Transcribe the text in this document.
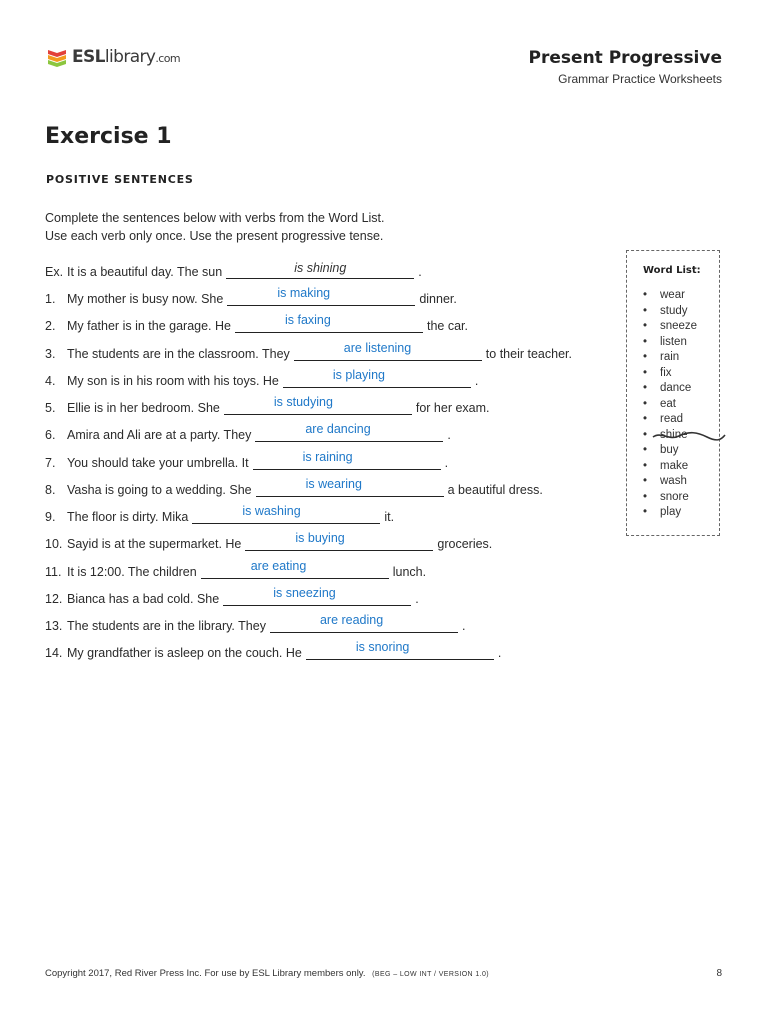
ESLlibrary.com	Present Progressive
Grammar Practice Worksheets
Exercise 1
POSITIVE SENTENCES
Complete the sentences below with verbs from the Word List.
Use each verb only once. Use the present progressive tense.
Ex. It is a beautiful day. The sun	is shining	.
1. My mother is busy now. She	is making	dinner.
2. My father is in the garage. He	is faxing	the car.
3. The students are in the classroom. They	are listening	to their teacher.
4. My son is in his room with his toys. He	is playing	.
5. Ellie is in her bedroom. She	is studying	for her exam.
6. Amira and Ali are at a party. They	are dancing	.
7. You should take your umbrella. It	is raining	.
8. Vasha is going to a wedding. She	is wearing	a beautiful dress.
9. The floor is dirty. Mika	is washing	it.
10. Sayid is at the supermarket. He	is buying	groceries.
11. It is 12:00. The children	are eating	lunch.
12. Bianca has a bad cold. She	is sneezing	.
13. The students are in the library. They	are reading	.
14. My grandfather is asleep on the couch. He	is snoring	.
Word List:
• wear
• study
• sneeze
• listen
• rain
• fix
• dance
• eat
• read
• shine
• buy
• make
• wash
• snore
• play
Copyright 2017, Red River Press Inc. For use by ESL Library members only. (BEG – LOW INT / VERSION 1.0)	8
